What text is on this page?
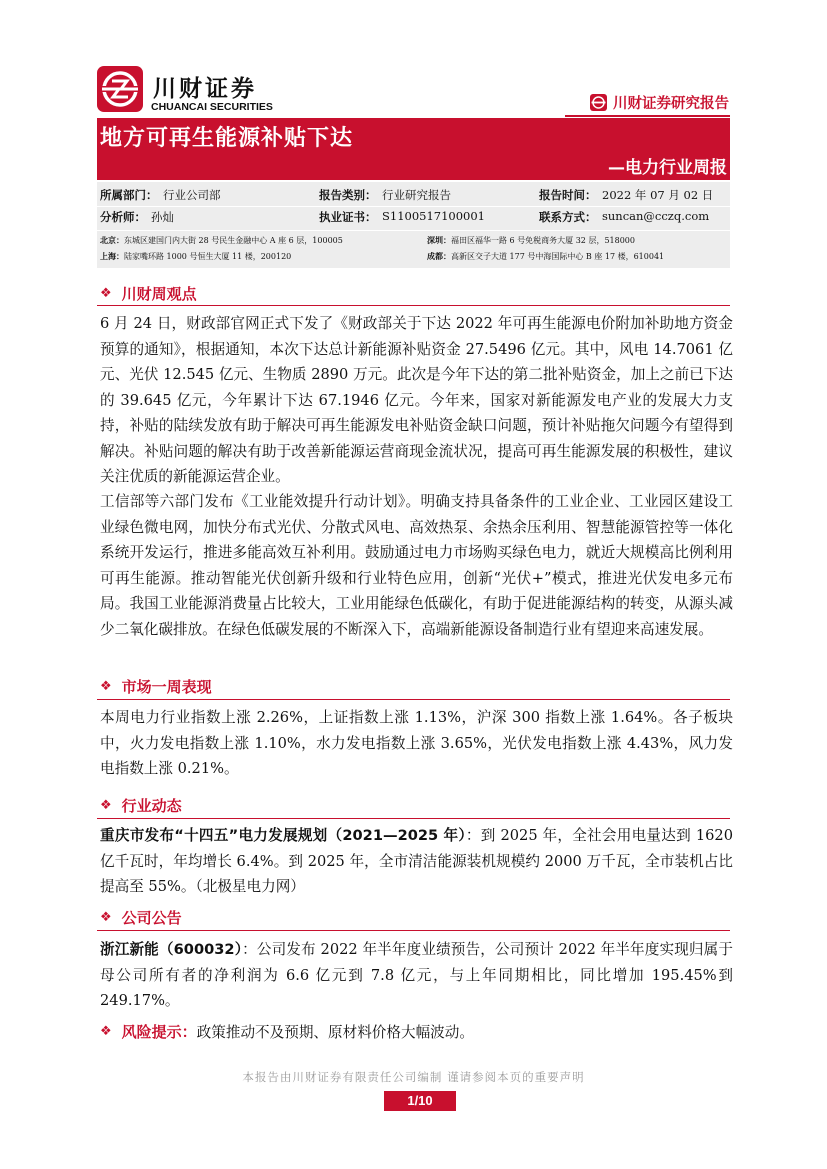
川财证券
CHUANCAI SECURITIES	川财证券研究报告
地方可再生能源补贴下达
—电力行业周报
所属部门： 行业公司部	报告类别： 行业研究报告	报告时间： 2022 年 07 月 02 日
分析师： 孙灿	执业证书： S1100517100001	联系方式： suncan@cczq.com
北京：东城区建国门内大街 28 号民生金融中心 A 座 6 层，100005	深圳：福田区福华一路 6 号免税商务大厦 32 层，518000
上海：陆家嘴环路 1000 号恒生大厦 11 楼，200120	成都：高新区交子大道 177 号中海国际中心 B 座 17 楼，610041
❖ 川财周观点

6 月 24 日，财政部官网正式下发了《财政部关于下达 2022 年可再生能源电价附加补助地方资金预算的通知》，根据通知，本次下达总计新能源补贴资金 27.5496 亿元。其中，风电 14.7061 亿元、光伏 12.545 亿元、生物质 2890 万元。此次是今年下达的第二批补贴资金，加上之前已下达的 39.645 亿元，今年累计下达 67.1946 亿元。今年来，国家对新能源发电产业的发展大力支持，补贴的陆续发放有助于解决可再生能源发电补贴资金缺口问题，预计补贴拖欠问题今有望得到解决。补贴问题的解决有助于改善新能源运营商现金流状况，提高可再生能源发展的积极性，建议关注优质的新能源运营企业。

工信部等六部门发布《工业能效提升行动计划》。明确支持具备条件的工业企业、工业园区建设工业绿色微电网，加快分布式光伏、分散式风电、高效热泵、余热余压利用、智慧能源管控等一体化系统开发运行，推进多能高效互补利用。鼓励通过电力市场购买绿色电力，就近大规模高比例利用可再生能源。推动智能光伏创新升级和行业特色应用，创新“光伏+”模式，推进光伏发电多元布局。我国工业能源消费量占比较大，工业用能绿色低碳化，有助于促进能源结构的转变，从源头减少二氧化碳排放。在绿色低碳发展的不断深入下，高端新能源设备制造行业有望迎来高速发展。

❖ 市场一周表现

本周电力行业指数上涨 2.26%，上证指数上涨 1.13%，沪深 300 指数上涨 1.64%。各子板块中，火力发电指数上涨 1.10%，水力发电指数上涨 3.65%，光伏发电指数上涨 4.43%，风力发电指数上涨 0.21%。

❖ 行业动态

重庆市发布“十四五”电力发展规划（2021—2025 年）：到 2025 年，全社会用电量达到 1620 亿千瓦时，年均增长 6.4%。到 2025 年，全市清洁能源装机规模约 2000 万千瓦，全市装机占比提高至 55%。（北极星电力网）

❖ 公司公告

浙江新能（600032）：公司发布 2022 年半年度业绩预告，公司预计 2022 年半年度实现归属于母公司所有者的净利润为 6.6 亿元到 7.8 亿元，与上年同期相比，同比增加 195.45%到 249.17%。

❖ 风险提示： 政策推动不及预期、原材料价格大幅波动。
本报告由川财证券有限责任公司编制 谨请参阅本页的重要声明
1/10
